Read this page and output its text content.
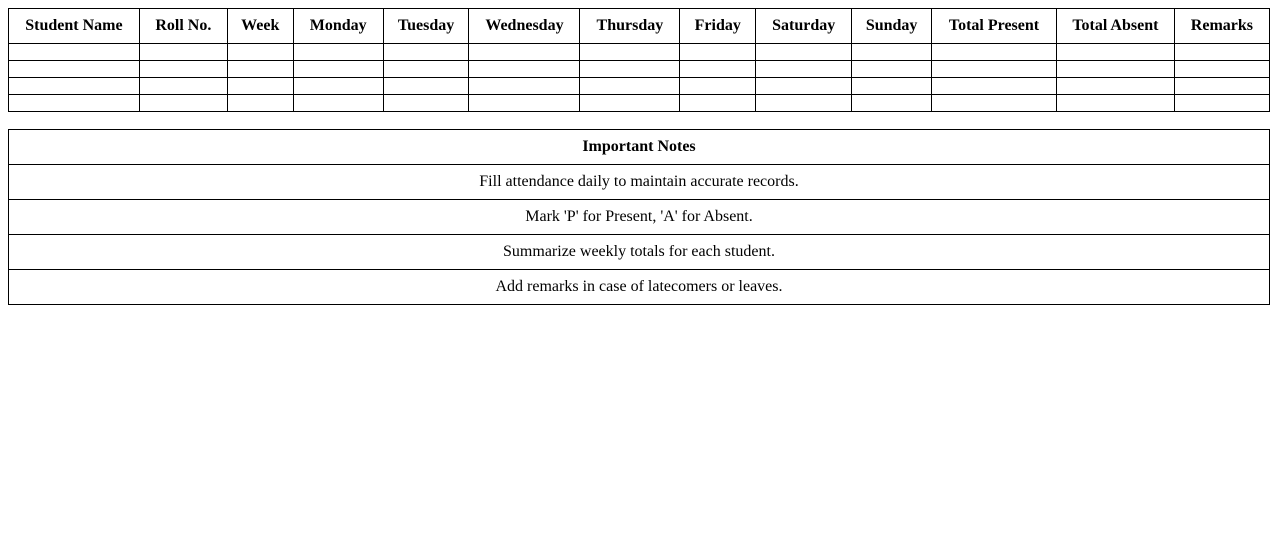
Student Name	Roll No.	Week	Monday	Tuesday	Wednesday	Thursday	Friday	Saturday	Sunday	Total Present	Total Absent	Remarks

Important Notes
Fill attendance daily to maintain accurate records.
Mark 'P' for Present, 'A' for Absent.
Summarize weekly totals for each student.
Add remarks in case of latecomers or leaves.
